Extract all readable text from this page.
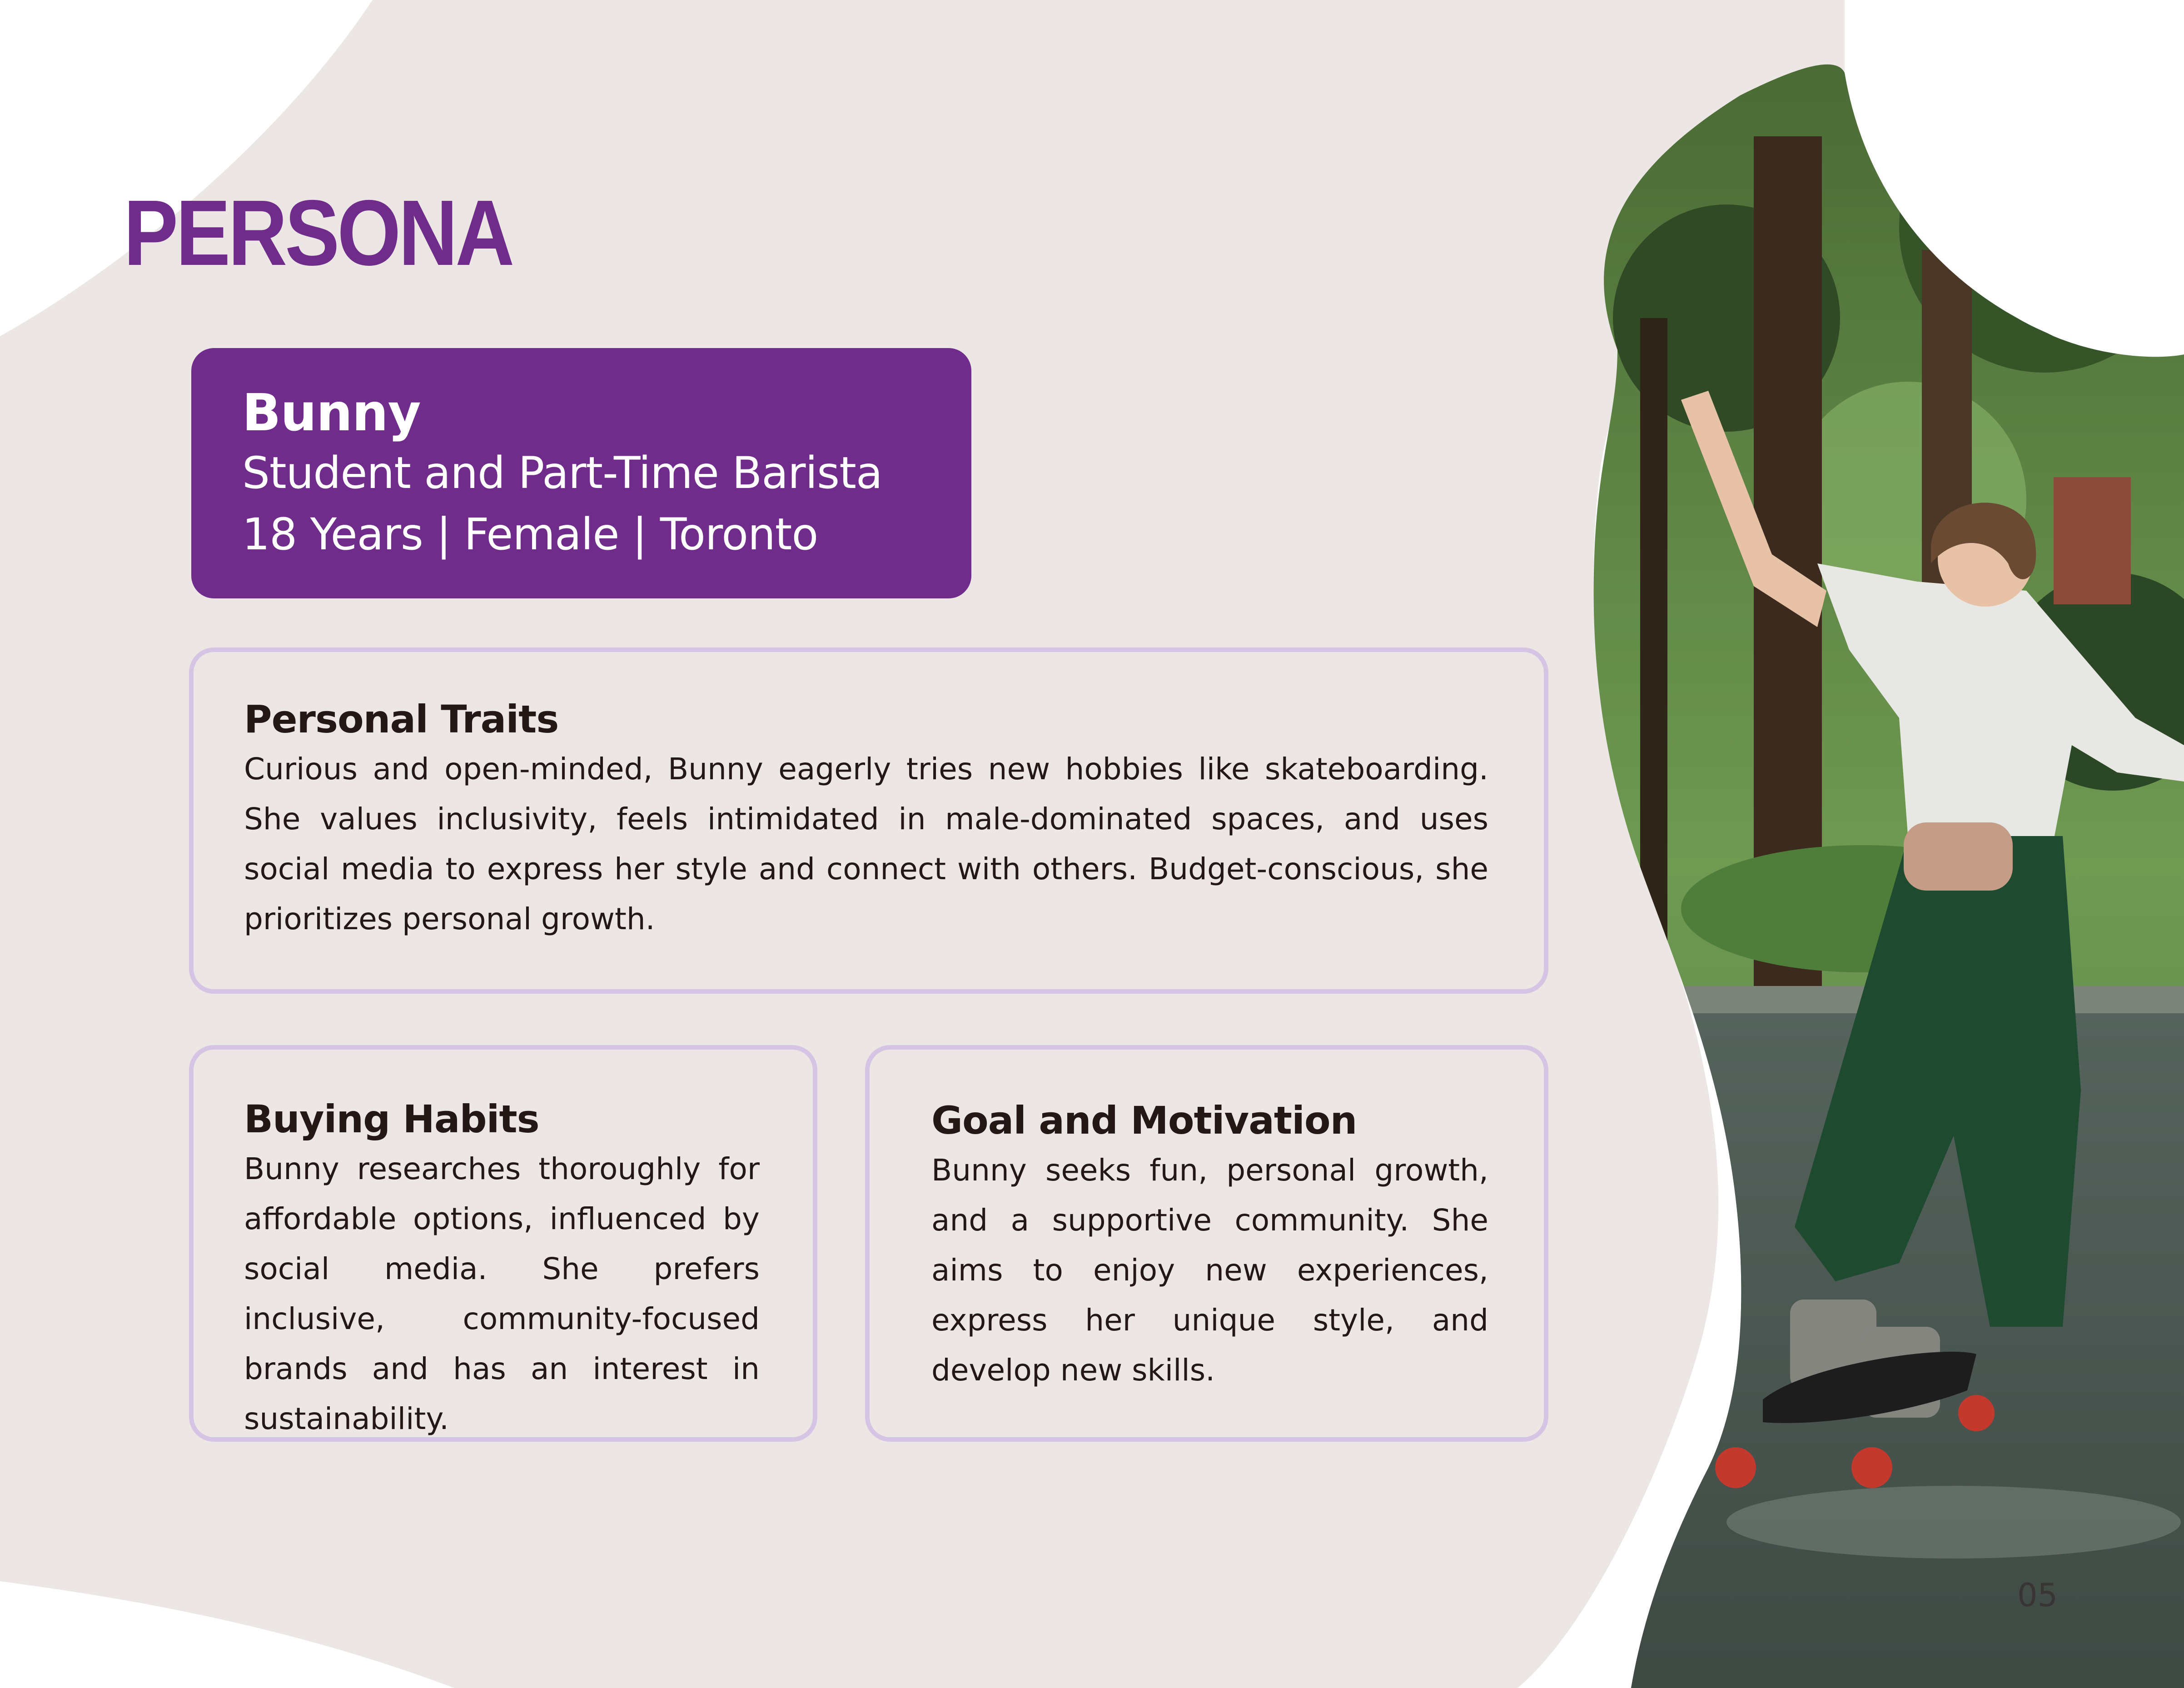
PERSONA
Bunny
Student and Part-Time Barista
18 Years | Female | Toronto
Personal Traits

Curious and open-minded, Bunny eagerly tries new hobbies like skateboarding. She values inclusivity, feels intimidated in male-dominated spaces, and uses social media to express her style and connect with others. Budget-conscious, she prioritizes personal growth.

Buying Habits

Bunny researches thoroughly for affordable options, influenced by social media. She prefers inclusive, community-focused brands and has an interest in sustainability.

Goal and Motivation

Bunny seeks fun, personal growth, and a supportive community. She aims to enjoy new experiences, express her unique style, and develop new skills.

05
